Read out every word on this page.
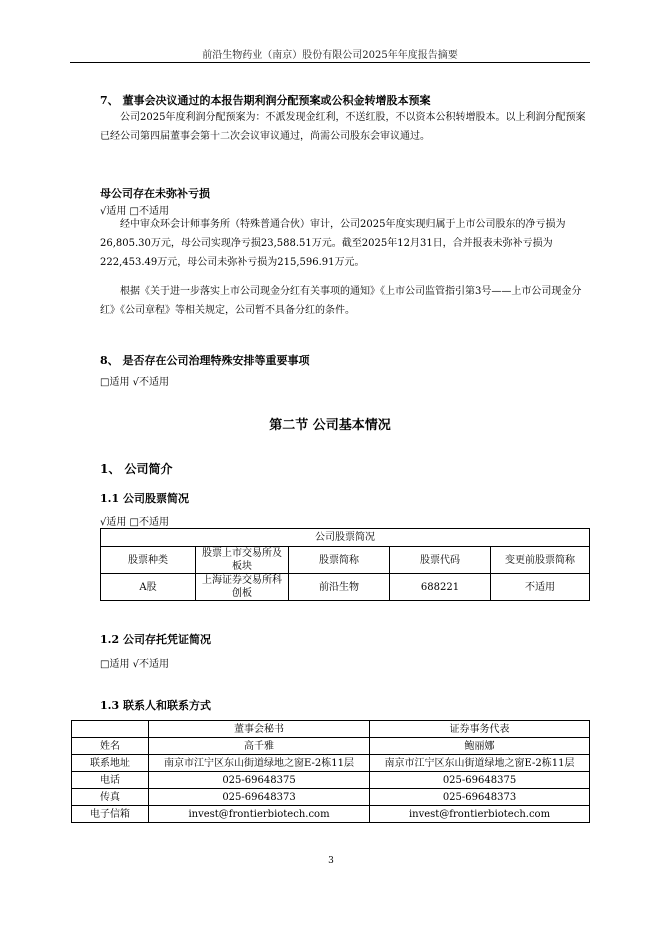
前沿生物药业（南京）股份有限公司2025年年度报告摘要
7、 董事会决议通过的本报告期利润分配预案或公积金转增股本预案
公司2025年度利润分配预案为：不派发现金红利，不送红股，不以资本公积转增股本。以上利润分配预案已经公司第四届董事会第十二次会议审议通过，尚需公司股东会审议通过。
母公司存在未弥补亏损
√适用 □不适用
经中审众环会计师事务所（特殊普通合伙）审计，公司2025年度实现归属于上市公司股东的净亏损为26,805.30万元，母公司实现净亏损23,588.51万元。截至2025年12月31日，合并报表未弥补亏损为222,453.49万元，母公司未弥补亏损为215,596.91万元。
根据《关于进一步落实上市公司现金分红有关事项的通知》《上市公司监管指引第3号——上市公司现金分红》《公司章程》等相关规定，公司暂不具备分红的条件。
8、 是否存在公司治理特殊安排等重要事项
□适用 √不适用
第二节 公司基本情况
1、 公司简介
1.1 公司股票简况
√适用 □不适用
公司股票简况				
股票种类	股票上市交易所及板块	股票简称	股票代码	变更前股票简称
A股	上海证券交易所科创板	前沿生物	688221	不适用
1.2 公司存托凭证简况
□适用 √不适用
1.3 联系人和联系方式
	董事会秘书	证券事务代表
姓名	高千雅	鲍丽娜
联系地址	南京市江宁区东山街道绿地之窗E-2栋11层	南京市江宁区东山街道绿地之窗E-2栋11层
电话	025-69648375	025-69648375
传真	025-69648373	025-69648373
电子信箱	invest@frontierbiotech.com	invest@frontierbiotech.com
3
